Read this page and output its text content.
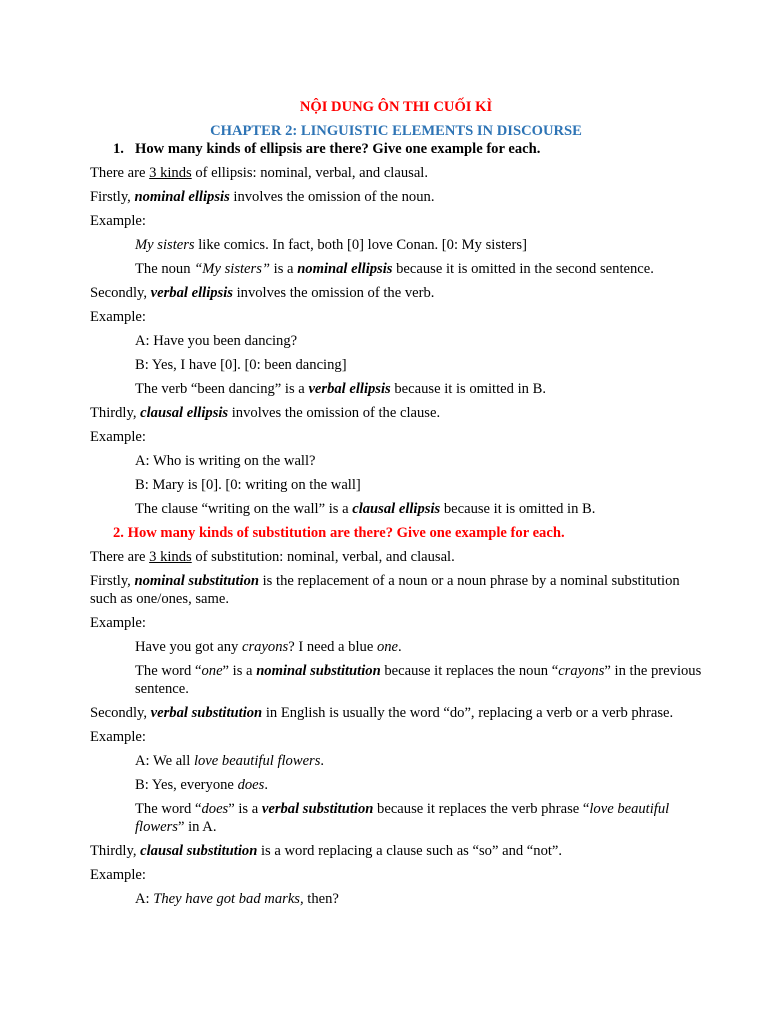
NỘI DUNG ÔN THI CUỐI KÌ
CHAPTER 2: LINGUISTIC ELEMENTS IN DISCOURSE
1. How many kinds of ellipsis are there? Give one example for each.

There are 3 kinds of ellipsis: nominal, verbal, and clausal.

Firstly, nominal ellipsis involves the omission of the noun.

Example:

My sisters like comics. In fact, both [0] love Conan. [0: My sisters]

The noun “My sisters” is a nominal ellipsis because it is omitted in the second sentence.

Secondly, verbal ellipsis involves the omission of the verb.

Example:

A: Have you been dancing?

B: Yes, I have [0]. [0: been dancing]

The verb “been dancing” is a verbal ellipsis because it is omitted in B.

Thirdly, clausal ellipsis involves the omission of the clause.

Example:

A: Who is writing on the wall?

B: Mary is [0]. [0: writing on the wall]

The clause “writing on the wall” is a clausal ellipsis because it is omitted in B.

2. How many kinds of substitution are there? Give one example for each.

There are 3 kinds of substitution: nominal, verbal, and clausal.

Firstly, nominal substitution is the replacement of a noun or a noun phrase by a nominal substitution such as one/ones, same.

Example:

Have you got any crayons? I need a blue one.

The word “one” is a nominal substitution because it replaces the noun “crayons” in the previous sentence.

Secondly, verbal substitution in English is usually the word “do”, replacing a verb or a verb phrase.

Example:

A: We all love beautiful flowers.

B: Yes, everyone does.

The word “does” is a verbal substitution because it replaces the verb phrase “love beautiful flowers” in A.

Thirdly, clausal substitution is a word replacing a clause such as “so” and “not”.

Example:

A: They have got bad marks, then?
